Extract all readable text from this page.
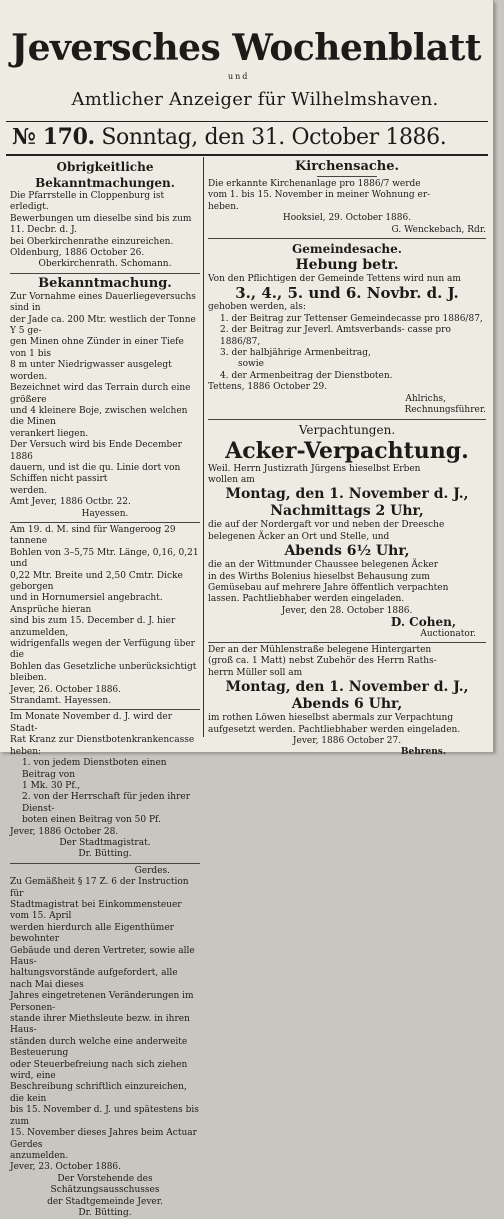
Jeversches Wochenblatt
und
Amtlicher Anzeiger für Wilhelmshaven.
№ 170. Sonntag, den 31. October 1886.

Obrigkeitliche Bekanntmachungen.

Die Pfarrstelle in Cloppenburg ist erledigt.

Bewerbungen um dieselbe sind bis zum 11. Decbr. d. J.

bei Oberkirchenrathe einzureichen.

Oldenburg, 1886 October 26.

Oberkirchenrath. Schomann.

Bekanntmachung.

Zur Vornahme eines Dauerliegeversuchs sind in

der Jade ca. 200 Mtr. westlich der Tonne Y 5 ge-

gen Minen ohne Zünder in einer Tiefe von 1 bis

8 m unter Niedrigwasser ausgelegt worden.

Bezeichnet wird das Terrain durch eine größere

und 4 kleinere Boje, zwischen welchen die Minen

verankert liegen.

Der Versuch wird bis Ende December 1886

dauern, und ist die qu. Linie dort von Schiffen nicht passirt

werden.

Amt Jever, 1886 Octbr. 22.

Hayessen.

Am 19. d. M. sind für Wangeroog 29 tannene

Bohlen von 3–5,75 Mtr. Länge, 0,16, 0,21 und

0,22 Mtr. Breite und 2,50 Cmtr. Dicke geborgen

und in Hornumersiel angebracht. Ansprüche hieran

sind bis zum 15. December d. J. hier anzumelden,

widrigenfalls wegen der Verfügung über die

Bohlen das Gesetzliche unberücksichtigt bleiben.

Jever, 26. October 1886.

Strandamt. Hayessen.

Im Monate November d. J. wird der Stadt-

Rat Kranz zur Dienstbotenkrankencasse heben:

1. von jedem Dienstboten einen Beitrag von

1 Mk. 30 Pf.,

2. von der Herrschaft für jeden ihrer Dienst-

boten einen Beitrag von 50 Pf.

Jever, 1886 October 28.

Der Stadtmagistrat.

Dr. Bütting.

Gerdes.

Zu Gemäßheit § 17 Z. 6 der Instruction für

Stadtmagistrat bei Einkommensteuer vom 15. April

werden hierdurch alle Eigenthümer bewohnter

Gebäude und deren Vertreter, sowie alle Haus-

haltungsvorstände aufgefordert, alle nach Mai dieses

Jahres eingetretenen Veränderungen im Personen-

stande ihrer Miethsleute bezw. in ihren Haus-

ständen durch welche eine anderweite Besteuerung

oder Steuerbefreiung nach sich ziehen wird, eine

Beschreibung schriftlich einzureichen, die kein

bis 15. November d. J. und spätestens bis zum

15. November dieses Jahres beim Actuar Gerdes

anzumelden.

Jever, 23. October 1886.

Der Vorstehende des Schätzungsausschusses

der Stadtgemeinde Jever.

Dr. Bütting.

Kirchensache.

Die erkannte Kirchenanlage pro 1886/7 werde

vom 1. bis 15. November in meiner Wohnung er-

heben.

Hooksiel, 29. October 1886.

G. Wenckebach, Rdr.

Gemeindesache.

Hebung betr.

Von den Pflichtigen der Gemeinde Tettens wird nun am

3., 4., 5. und 6. Novbr. d. J.

gehoben werden, als:

1. der Beitrag zur Tettenser Gemeindecasse pro 1886/87,

2. der Beitrag zur Jeverl. Amtsverbands- casse pro 1886/87,

3. der halbjährige Armenbeitrag,

sowie

4. der Armenbeitrag der Dienstboten.

Tettens, 1886 October 29.

Ahlrichs,

Rechnungsführer.

Verpachtungen.

Acker-Verpachtung.

Weil. Herrn Justizrath Jürgens hieselbst Erben

wollen am

Montag, den 1. November d. J.,

Nachmittags 2 Uhr,

die auf der Nordergaft vor und neben der Dreesche

belegenen Äcker an Ort und Stelle, und

Abends 6½ Uhr,

die an der Wittmunder Chaussee belegenen Äcker

in des Wirths Bolenius hieselbst Behausung zum

Gemüsebau auf mehrere Jahre öffentlich verpachten

lassen. Pachtliebhaber werden eingeladen.

Jever, den 28. October 1886.

D. Cohen,

Auctionator.

Der an der Mühlenstraße belegene Hintergarten

(groß ca. 1 Matt) nebst Zubehör des Herrn Raths-

herrn Müller soll am

Montag, den 1. November d. J.,

Abends 6 Uhr,

im rothen Löwen hieselbst abermals zur Verpachtung

aufgesetzt werden. Pachtliebhaber werden eingeladen.

Jever, 1886 October 27.

Behrens.
